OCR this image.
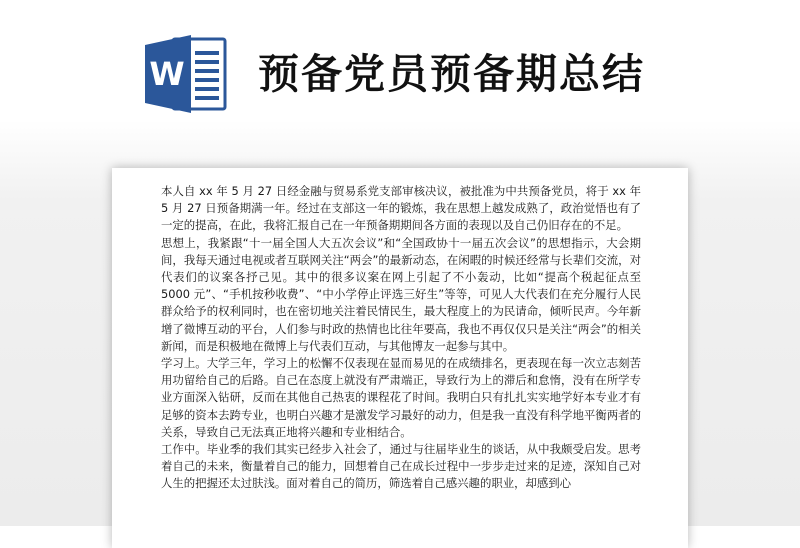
W 预备党员预备期总结

本人自 xx 年 5 月 27 日经金融与贸易系党支部审核决议，被批准为中共预备党员，将于 xx 年 5 月 27 日预备期满一年。经过在支部这一年的锻炼，我在思想上越发成熟了，政治觉悟也有了一定的提高，在此，我将汇报自己在一年预备期期间各方面的表现以及自己仍旧存在的不足。

思想上，我紧跟“十一届全国人大五次会议”和“全国政协十一届五次会议”的思想指示，大会期间，我每天通过电视或者互联网关注“两会”的最新动态，在闲暇的时候还经常与长辈们交流，对代表们的议案各抒己见。其中的很多议案在网上引起了不小轰动，比如“提高个税起征点至 5000 元”、“手机按秒收费”、“中小学停止评选三好生”等等，可见人大代表们在充分履行人民群众给予的权利同时，也在密切地关注着民情民生，最大程度上的为民请命，倾听民声。今年新增了微博互动的平台，人们参与时政的热情也比往年要高，我也不再仅仅只是关注“两会”的相关新闻，而是积极地在微博上与代表们互动，与其他博友一起参与其中。

学习上。大学三年，学习上的松懈不仅表现在显而易见的在成绩排名，更表现在每一次立志刻苦用功留给自己的后路。自己在态度上就没有严肃端正，导致行为上的滞后和怠惰，没有在所学专业方面深入钻研，反而在其他自己热衷的课程花了时间。我明白只有扎扎实实地学好本专业才有足够的资本去跨专业，也明白兴趣才是激发学习最好的动力，但是我一直没有科学地平衡两者的关系，导致自己无法真正地将兴趣和专业相结合。

工作中。毕业季的我们其实已经步入社会了，通过与往届毕业生的谈话，从中我颇受启发。思考着自己的未来，衡量着自己的能力，回想着自己在成长过程中一步步走过来的足迹，深知自己对人生的把握还太过肤浅。面对着自己的简历，筛选着自己感兴趣的职业，却感到心
